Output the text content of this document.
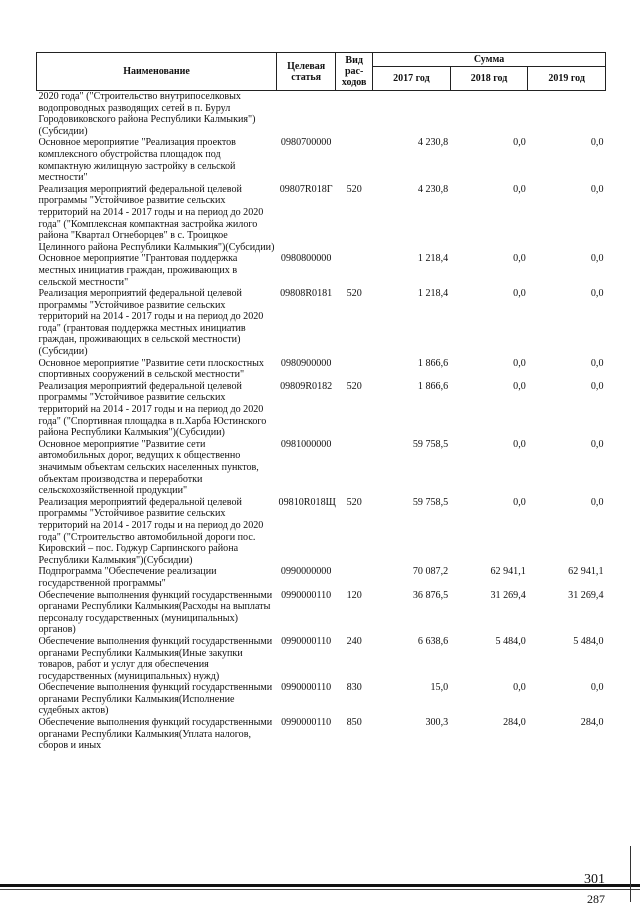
Наименование	Целевая статья	Вид рас-ходов	Сумма		
			2017 год	2018 год	2019 год
2020 года" ("Строительство внутрипоселковых водопроводных разводящих сетей в п. Бурул Городовиковского района Республики Калмыкия")(Субсидии)					
Основное мероприятие "Реализация проектов комплексного обустройства площадок под компактную жилищную застройку в сельской местности"	0980700000		4 230,8	0,0	0,0
Реализация мероприятий федеральной целевой программы "Устойчивое развитие сельских территорий на 2014 - 2017 годы и на период до 2020 года" ("Комплексная компактная застройка жилого района "Квартал Огнеборцев" в с. Троицкое Целинного района Республики Калмыкия")(Субсидии)	09807R018Г	520	4 230,8	0,0	0,0
Основное мероприятие "Грантовая поддержка местных инициатив граждан, проживающих в сельской местности"	0980800000		1 218,4	0,0	0,0
Реализация мероприятий федеральной целевой программы "Устойчивое развитие сельских территорий на 2014 - 2017 годы и на период до 2020 года" (грантовая поддержка местных инициатив граждан, проживающих в сельской местности)(Субсидии)	09808R0181	520	1 218,4	0,0	0,0
Основное мероприятие "Развитие сети плоскостных спортивных сооружений в сельской местности"	0980900000		1 866,6	0,0	0,0
Реализация мероприятий федеральной целевой программы "Устойчивое развитие сельских территорий на 2014 - 2017 годы и на период до 2020 года" ("Спортивная площадка в п.Харба Юстинского района Республики Калмыкия")(Субсидии)	09809R0182	520	1 866,6	0,0	0,0
Основное мероприятие "Развитие сети автомобильных дорог, ведущих к общественно значимым объектам сельских населенных пунктов, объектам производства и переработки сельскохозяйственной продукции"	0981000000		59 758,5	0,0	0,0
Реализация мероприятий федеральной целевой программы "Устойчивое развитие сельских территорий на 2014 - 2017 годы и на период до 2020 года" ("Строительство автомобильной дороги пос. Кировский – пос. Годжур Сарпинского района Республики Калмыкия")(Субсидии)	09810R018Щ	520	59 758,5	0,0	0,0
Подпрограмма "Обеспечение реализации государственной программы"	0990000000		70 087,2	62 941,1	62 941,1
Обеспечение выполнения функций государственными органами Республики Калмыкия(Расходы на выплаты персоналу государственных (муниципальных) органов)	0990000110	120	36 876,5	31 269,4	31 269,4
Обеспечение выполнения функций государственными органами Республики Калмыкия(Иные закупки товаров, работ и услуг для обеспечения государственных (муниципальных) нужд)	0990000110	240	6 638,6	5 484,0	5 484,0
Обеспечение выполнения функций государственными органами Республики Калмыкия(Исполнение судебных актов)	0990000110	830	15,0	0,0	0,0
Обеспечение выполнения функций государственными органами Республики Калмыкия(Уплата налогов, сборов и иных	0990000110	850	300,3	284,0	284,0
301
287
